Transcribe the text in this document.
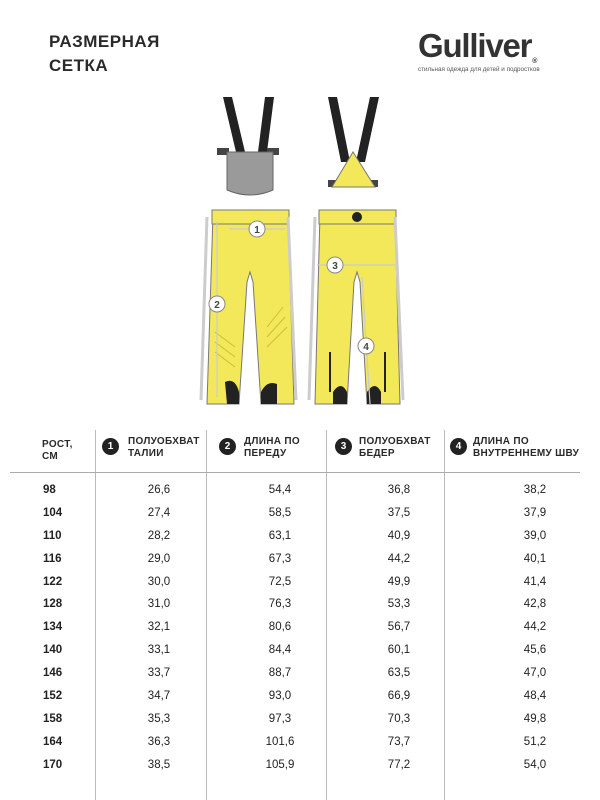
РАЗМЕРНАЯ
СЕТКА
Gulliver®
стильная одежда для детей и подростков
1
2
3
4
РОСТ,
СМ
1	ПОЛУОБХВАТ
ТАЛИИ
2	ДЛИНА ПО
ПЕРЕДУ
3	ПОЛУОБХВАТ
БЕДЕР
4	ДЛИНА ПО
ВНУТРЕННЕМУ ШВУ
98	26,6	54,4	36,8	38,2
104	27,4	58,5	37,5	37,9
110	28,2	63,1	40,9	39,0
116	29,0	67,3	44,2	40,1
122	30,0	72,5	49,9	41,4
128	31,0	76,3	53,3	42,8
134	32,1	80,6	56,7	44,2
140	33,1	84,4	60,1	45,6
146	33,7	88,7	63,5	47,0
152	34,7	93,0	66,9	48,4
158	35,3	97,3	70,3	49,8
164	36,3	101,6	73,7	51,2
170	38,5	105,9	77,2	54,0
